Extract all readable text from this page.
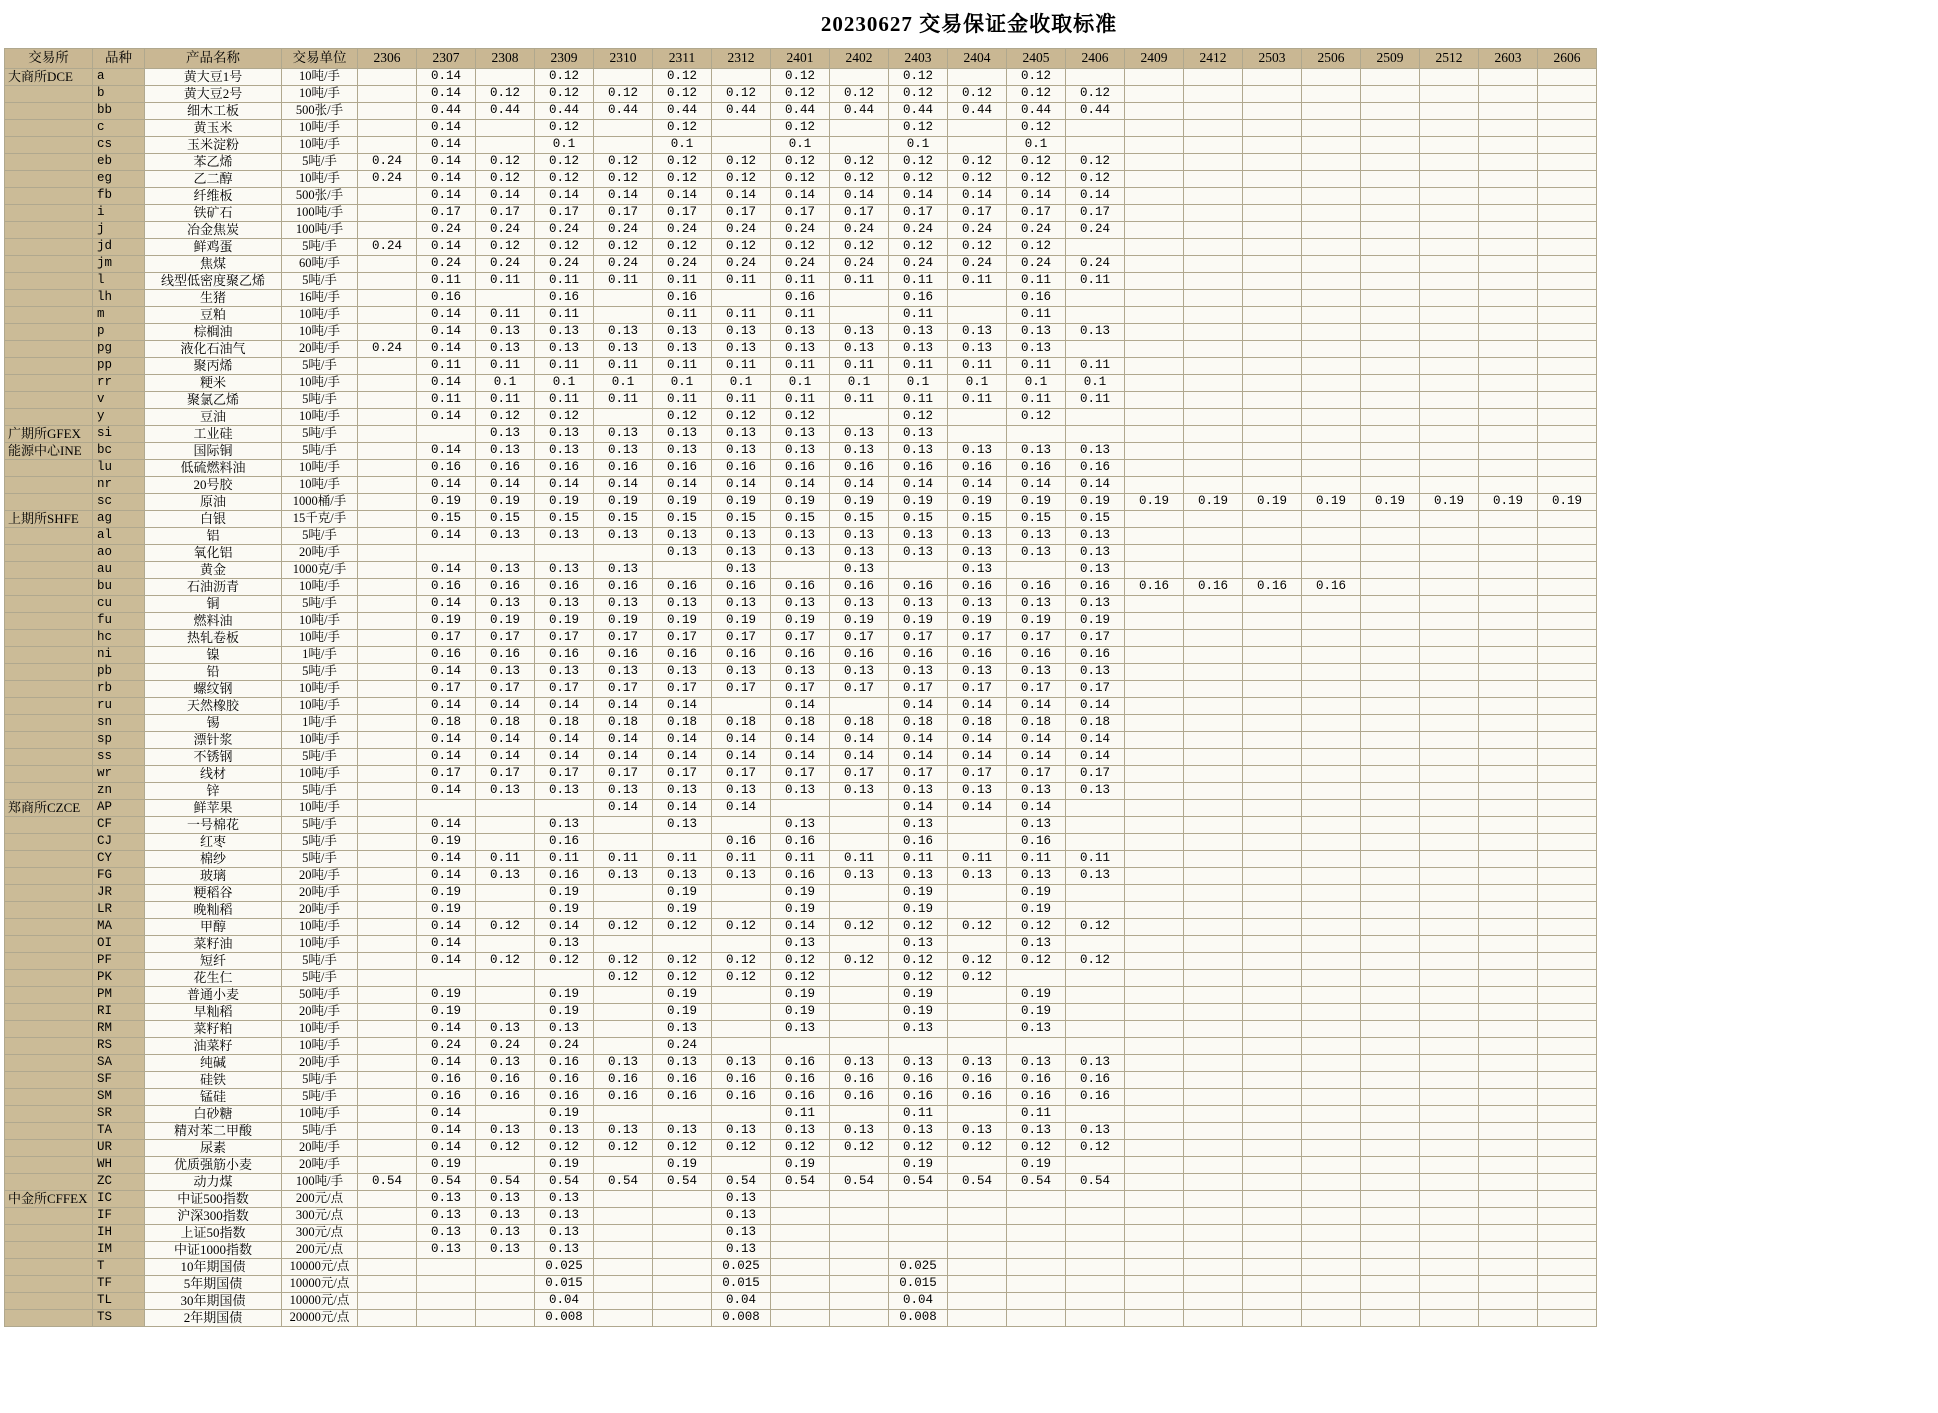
20230627 交易保证金收取标准
交易所	品种	产品名称	交易单位	2306	2307	2308	2309	2310	2311	2312	2401	2402	2403	2404	2405	2406	2409	2412	2503	2506	2509	2512	2603	2606
大商所DCE	a	黄大豆1号	10吨/手		0.14		0.12		0.12		0.12		0.12		0.12									
	b	黄大豆2号	10吨/手		0.14	0.12	0.12	0.12	0.12	0.12	0.12	0.12	0.12	0.12	0.12	0.12								
	bb	细木工板	500张/手		0.44	0.44	0.44	0.44	0.44	0.44	0.44	0.44	0.44	0.44	0.44	0.44								
	c	黄玉米	10吨/手		0.14		0.12		0.12		0.12		0.12		0.12									
	cs	玉米淀粉	10吨/手		0.14		0.1		0.1		0.1		0.1		0.1									
	eb	苯乙烯	5吨/手	0.24	0.14	0.12	0.12	0.12	0.12	0.12	0.12	0.12	0.12	0.12	0.12	0.12								
	eg	乙二醇	10吨/手	0.24	0.14	0.12	0.12	0.12	0.12	0.12	0.12	0.12	0.12	0.12	0.12	0.12								
	fb	纤维板	500张/手		0.14	0.14	0.14	0.14	0.14	0.14	0.14	0.14	0.14	0.14	0.14	0.14								
	i	铁矿石	100吨/手		0.17	0.17	0.17	0.17	0.17	0.17	0.17	0.17	0.17	0.17	0.17	0.17								
	j	冶金焦炭	100吨/手		0.24	0.24	0.24	0.24	0.24	0.24	0.24	0.24	0.24	0.24	0.24	0.24								
	jd	鲜鸡蛋	5吨/手	0.24	0.14	0.12	0.12	0.12	0.12	0.12	0.12	0.12	0.12	0.12	0.12									
	jm	焦煤	60吨/手		0.24	0.24	0.24	0.24	0.24	0.24	0.24	0.24	0.24	0.24	0.24	0.24								
	l	线型低密度聚乙烯	5吨/手		0.11	0.11	0.11	0.11	0.11	0.11	0.11	0.11	0.11	0.11	0.11	0.11								
	lh	生猪	16吨/手		0.16		0.16		0.16		0.16		0.16		0.16									
	m	豆粕	10吨/手		0.14	0.11	0.11		0.11	0.11	0.11		0.11		0.11									
	p	棕榈油	10吨/手		0.14	0.13	0.13	0.13	0.13	0.13	0.13	0.13	0.13	0.13	0.13	0.13								
	pg	液化石油气	20吨/手	0.24	0.14	0.13	0.13	0.13	0.13	0.13	0.13	0.13	0.13	0.13	0.13									
	pp	聚丙烯	5吨/手		0.11	0.11	0.11	0.11	0.11	0.11	0.11	0.11	0.11	0.11	0.11	0.11								
	rr	粳米	10吨/手		0.14	0.1	0.1	0.1	0.1	0.1	0.1	0.1	0.1	0.1	0.1	0.1								
	v	聚氯乙烯	5吨/手		0.11	0.11	0.11	0.11	0.11	0.11	0.11	0.11	0.11	0.11	0.11	0.11								
	y	豆油	10吨/手		0.14	0.12	0.12		0.12	0.12	0.12		0.12		0.12									
广期所GFEX	si	工业硅	5吨/手			0.13	0.13	0.13	0.13	0.13	0.13	0.13	0.13											
能源中心INE	bc	国际铜	5吨/手		0.14	0.13	0.13	0.13	0.13	0.13	0.13	0.13	0.13	0.13	0.13	0.13								
	lu	低硫燃料油	10吨/手		0.16	0.16	0.16	0.16	0.16	0.16	0.16	0.16	0.16	0.16	0.16	0.16								
	nr	20号胶	10吨/手		0.14	0.14	0.14	0.14	0.14	0.14	0.14	0.14	0.14	0.14	0.14	0.14								
	sc	原油	1000桶/手		0.19	0.19	0.19	0.19	0.19	0.19	0.19	0.19	0.19	0.19	0.19	0.19	0.19	0.19	0.19	0.19	0.19	0.19	0.19	0.19
上期所SHFE	ag	白银	15千克/手		0.15	0.15	0.15	0.15	0.15	0.15	0.15	0.15	0.15	0.15	0.15	0.15								
	al	铝	5吨/手		0.14	0.13	0.13	0.13	0.13	0.13	0.13	0.13	0.13	0.13	0.13	0.13								
	ao	氧化铝	20吨/手						0.13	0.13	0.13	0.13	0.13	0.13	0.13	0.13								
	au	黄金	1000克/手		0.14	0.13	0.13	0.13		0.13		0.13		0.13		0.13								
	bu	石油沥青	10吨/手		0.16	0.16	0.16	0.16	0.16	0.16	0.16	0.16	0.16	0.16	0.16	0.16	0.16	0.16	0.16	0.16				
	cu	铜	5吨/手		0.14	0.13	0.13	0.13	0.13	0.13	0.13	0.13	0.13	0.13	0.13	0.13								
	fu	燃料油	10吨/手		0.19	0.19	0.19	0.19	0.19	0.19	0.19	0.19	0.19	0.19	0.19	0.19								
	hc	热轧卷板	10吨/手		0.17	0.17	0.17	0.17	0.17	0.17	0.17	0.17	0.17	0.17	0.17	0.17								
	ni	镍	1吨/手		0.16	0.16	0.16	0.16	0.16	0.16	0.16	0.16	0.16	0.16	0.16	0.16								
	pb	铅	5吨/手		0.14	0.13	0.13	0.13	0.13	0.13	0.13	0.13	0.13	0.13	0.13	0.13								
	rb	螺纹钢	10吨/手		0.17	0.17	0.17	0.17	0.17	0.17	0.17	0.17	0.17	0.17	0.17	0.17								
	ru	天然橡胶	10吨/手		0.14	0.14	0.14	0.14	0.14		0.14		0.14	0.14	0.14	0.14								
	sn	锡	1吨/手		0.18	0.18	0.18	0.18	0.18	0.18	0.18	0.18	0.18	0.18	0.18	0.18								
	sp	漂针浆	10吨/手		0.14	0.14	0.14	0.14	0.14	0.14	0.14	0.14	0.14	0.14	0.14	0.14								
	ss	不锈钢	5吨/手		0.14	0.14	0.14	0.14	0.14	0.14	0.14	0.14	0.14	0.14	0.14	0.14								
	wr	线材	10吨/手		0.17	0.17	0.17	0.17	0.17	0.17	0.17	0.17	0.17	0.17	0.17	0.17								
	zn	锌	5吨/手		0.14	0.13	0.13	0.13	0.13	0.13	0.13	0.13	0.13	0.13	0.13	0.13								
郑商所CZCE	AP	鲜苹果	10吨/手					0.14	0.14	0.14			0.14	0.14	0.14									
	CF	一号棉花	5吨/手		0.14		0.13		0.13		0.13		0.13		0.13									
	CJ	红枣	5吨/手		0.19		0.16			0.16	0.16		0.16		0.16									
	CY	棉纱	5吨/手		0.14	0.11	0.11	0.11	0.11	0.11	0.11	0.11	0.11	0.11	0.11	0.11								
	FG	玻璃	20吨/手		0.14	0.13	0.16	0.13	0.13	0.13	0.16	0.13	0.13	0.13	0.13	0.13								
	JR	粳稻谷	20吨/手		0.19		0.19		0.19		0.19		0.19		0.19									
	LR	晚籼稻	20吨/手		0.19		0.19		0.19		0.19		0.19		0.19									
	MA	甲醇	10吨/手		0.14	0.12	0.14	0.12	0.12	0.12	0.14	0.12	0.12	0.12	0.12	0.12								
	OI	菜籽油	10吨/手		0.14		0.13				0.13		0.13		0.13									
	PF	短纤	5吨/手		0.14	0.12	0.12	0.12	0.12	0.12	0.12	0.12	0.12	0.12	0.12	0.12								
	PK	花生仁	5吨/手					0.12	0.12	0.12	0.12		0.12	0.12										
	PM	普通小麦	50吨/手		0.19		0.19		0.19		0.19		0.19		0.19									
	RI	早籼稻	20吨/手		0.19		0.19		0.19		0.19		0.19		0.19									
	RM	菜籽粕	10吨/手		0.14	0.13	0.13		0.13		0.13		0.13		0.13									
	RS	油菜籽	10吨/手		0.24	0.24	0.24		0.24															
	SA	纯碱	20吨/手		0.14	0.13	0.16	0.13	0.13	0.13	0.16	0.13	0.13	0.13	0.13	0.13								
	SF	硅铁	5吨/手		0.16	0.16	0.16	0.16	0.16	0.16	0.16	0.16	0.16	0.16	0.16	0.16								
	SM	锰硅	5吨/手		0.16	0.16	0.16	0.16	0.16	0.16	0.16	0.16	0.16	0.16	0.16	0.16								
	SR	白砂糖	10吨/手		0.14		0.19				0.11		0.11		0.11									
	TA	精对苯二甲酸	5吨/手		0.14	0.13	0.13	0.13	0.13	0.13	0.13	0.13	0.13	0.13	0.13	0.13								
	UR	尿素	20吨/手		0.14	0.12	0.12	0.12	0.12	0.12	0.12	0.12	0.12	0.12	0.12	0.12								
	WH	优质强筋小麦	20吨/手		0.19		0.19		0.19		0.19		0.19		0.19									
	ZC	动力煤	100吨/手	0.54	0.54	0.54	0.54	0.54	0.54	0.54	0.54	0.54	0.54	0.54	0.54	0.54								
中金所CFFEX	IC	中证500指数	200元/点		0.13	0.13	0.13			0.13														
	IF	沪深300指数	300元/点		0.13	0.13	0.13			0.13														
	IH	上证50指数	300元/点		0.13	0.13	0.13			0.13														
	IM	中证1000指数	200元/点		0.13	0.13	0.13			0.13														
	T	10年期国债	10000元/点				0.025			0.025			0.025											
	TF	5年期国债	10000元/点				0.015			0.015			0.015											
	TL	30年期国债	10000元/点				0.04			0.04			0.04											
	TS	2年期国债	20000元/点				0.008			0.008			0.008											
